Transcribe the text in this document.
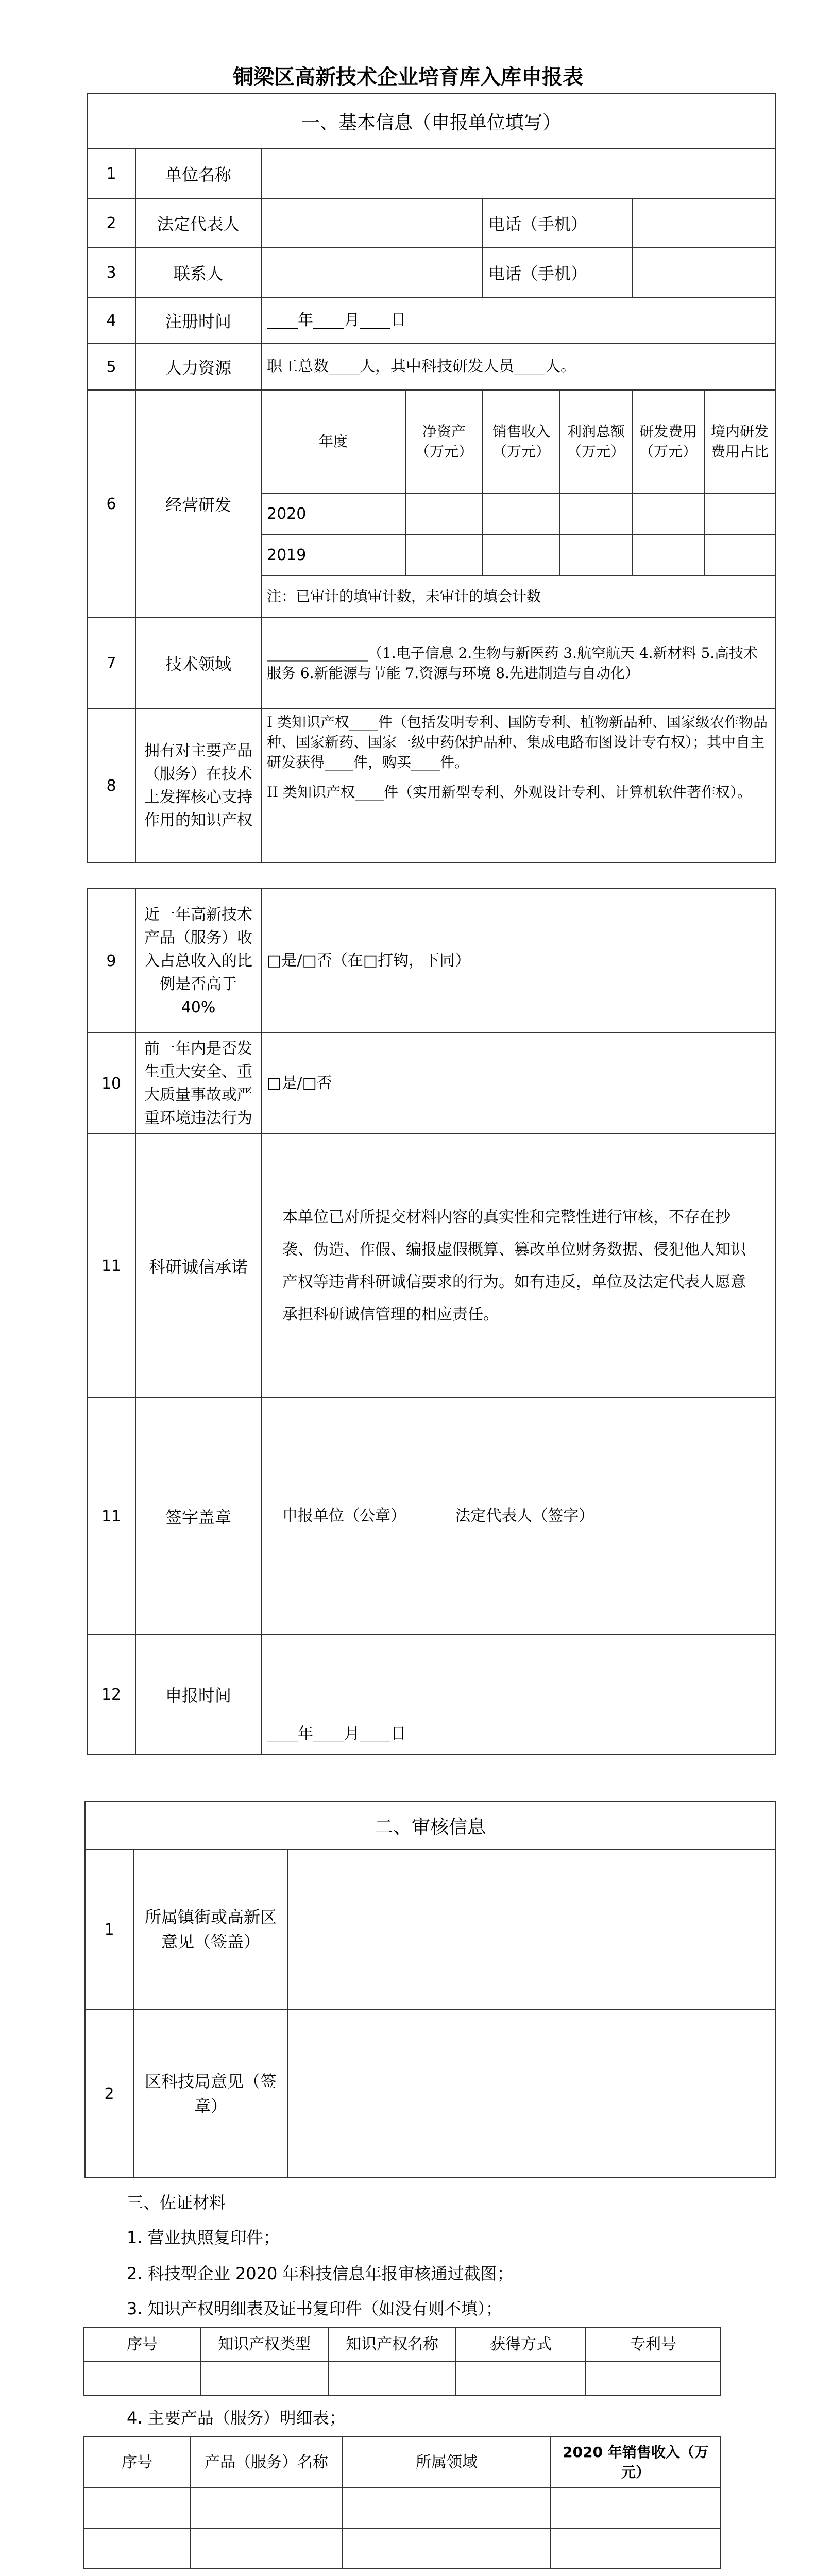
铜梁区高新技术企业培育库入库申报表
一、基本信息（申报单位填写）							
1	单位名称						
2	法定代表人			电话（手机）			
3	联系人			电话（手机）			
4	注册时间	____年____月____日					
5	人力资源	职工总数____人，其中科技研发人员____人。					
6	经营研发	年度	净资产（万元）	销售收入（万元）	利润总额（万元）	研发费用（万元）	境内研发费用占比
		2020					
		2019					
		注：已审计的填审计数，未审计的填会计数					
7	技术领域	______________（1.电子信息 2.生物与新医药 3.航空航天 4.新材料 5.高技术服务 6.新能源与节能 7.资源与环境 8.先进制造与自动化）					
8	拥有对主要产品（服务）在技术上发挥核心支持作用的知识产权	I 类知识产权____件（包括发明专利、国防专利、植物新品种、国家级农作物品种、国家新药、国家一级中药保护品种、集成电路布图设计专有权）；其中自主研发获得____件，购买____件。
II 类知识产权____件（实用新型专利、外观设计专利、计算机软件著作权）。					
9	近一年高新技术产品（服务）收入占总收入的比例是否高于 40%	□是/□否（在□打钩，下同）
10	前一年内是否发生重大安全、重大质量事故或严重环境违法行为	□是/□否
11	科研诚信承诺	本单位已对所提交材料内容的真实性和完整性进行审核，不存在抄袭、伪造、作假、编报虚假概算、篡改单位财务数据、侵犯他人知识产权等违背科研诚信要求的行为。如有违反，单位及法定代表人愿意承担科研诚信管理的相应责任。
11	签字盖章	申报单位（公章）          法定代表人（签字）
12	申报时间	____年____月____日
二、审核信息		
1	所属镇街或高新区意见（签盖）	
2	区科技局意见（签章）	
三、佐证材料
1. 营业执照复印件；
2. 科技型企业 2020 年科技信息年报审核通过截图；
3. 知识产权明细表及证书复印件（如没有则不填）；
序号	知识产权类型	知识产权名称	获得方式	专利号

4. 主要产品（服务）明细表；
序号	产品（服务）名称	所属领域	2020 年销售收入（万元）
